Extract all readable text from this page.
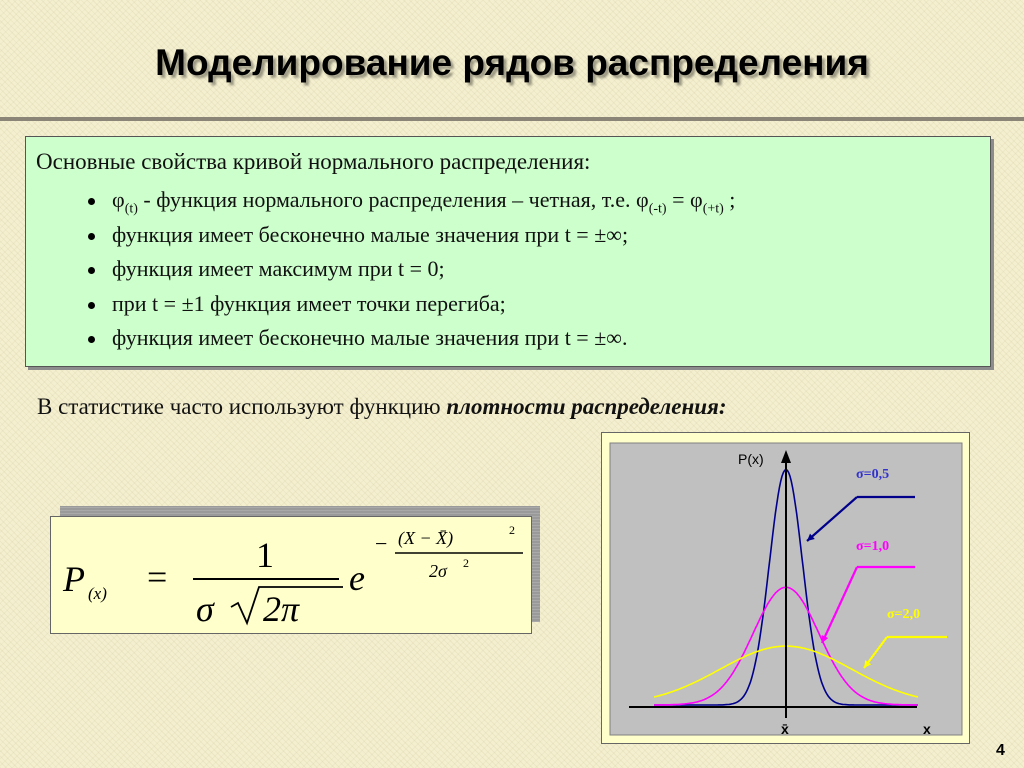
Моделирование рядов распределения
Основные свойства кривой нормального распределения:
$\varphi_{(t)}$ - функция нормального распределения – четная, т.е. $\varphi_{(-t)} = \varphi_{(+t)}$ ;
функция имеет бесконечно малые значения при t = ±∞;
функция имеет максимум при t = 0;
при t = ±1 функция имеет точки перегиба;
функция имеет бесконечно малые значения при t = ±∞.
В статистике часто используют функцию плотности распределения:
P (x) =
1
σ 2π
e
− (X − X̄)	2
2σ 2
P(x)
x
x̄
σ=0,5
σ=1,0
σ=2,0
4
